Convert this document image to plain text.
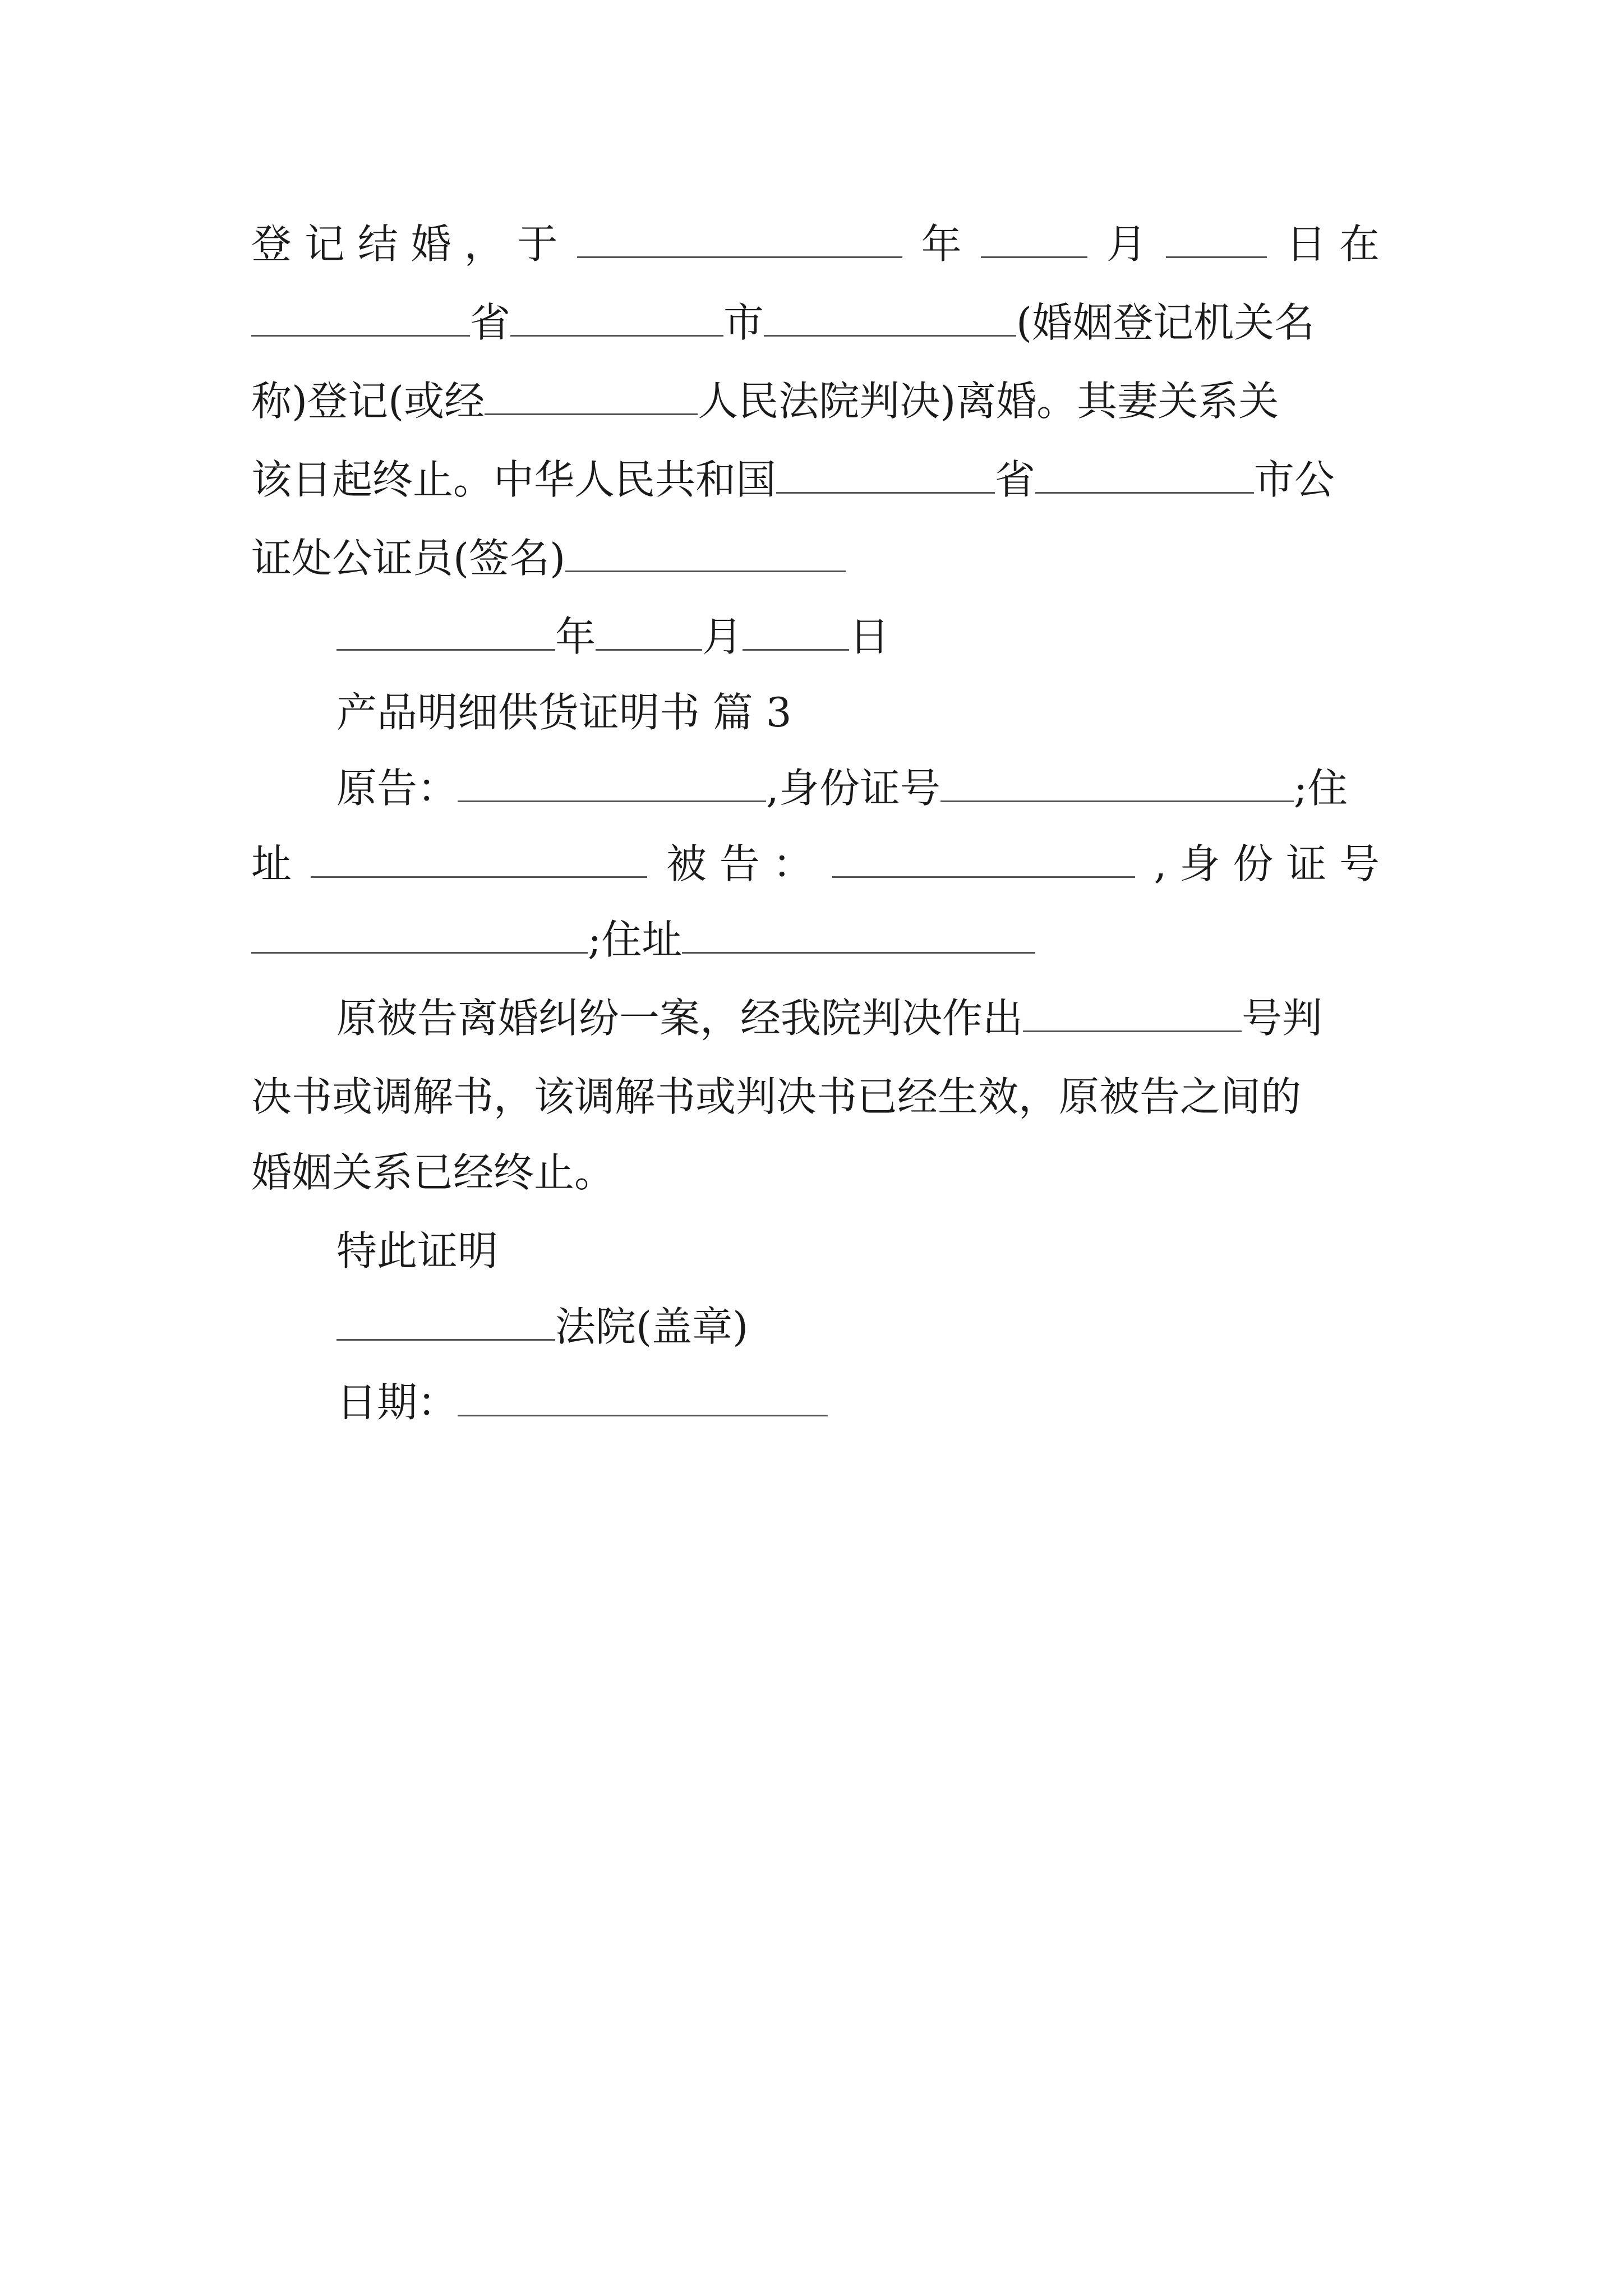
登 记 结 婚 ， 于	年	月	日 在
省	市	(婚姻登记机关名
称)登记(或经	人民法院判决)离婚。其妻关系关
该日起终止。中华人民共和国	省	市公
证处公证员(签名)
年	月	日
产品明细供货证明书 篇 3
原告：	,身份证号	;住
址	被 告 ：	, 身 份 证 号
;住址
原被告离婚纠纷一案，经我院判决作出	号判
决书或调解书，该调解书或判决书已经生效，原被告之间的
婚姻关系已经终止。
特此证明
法院(盖章)
日期：
